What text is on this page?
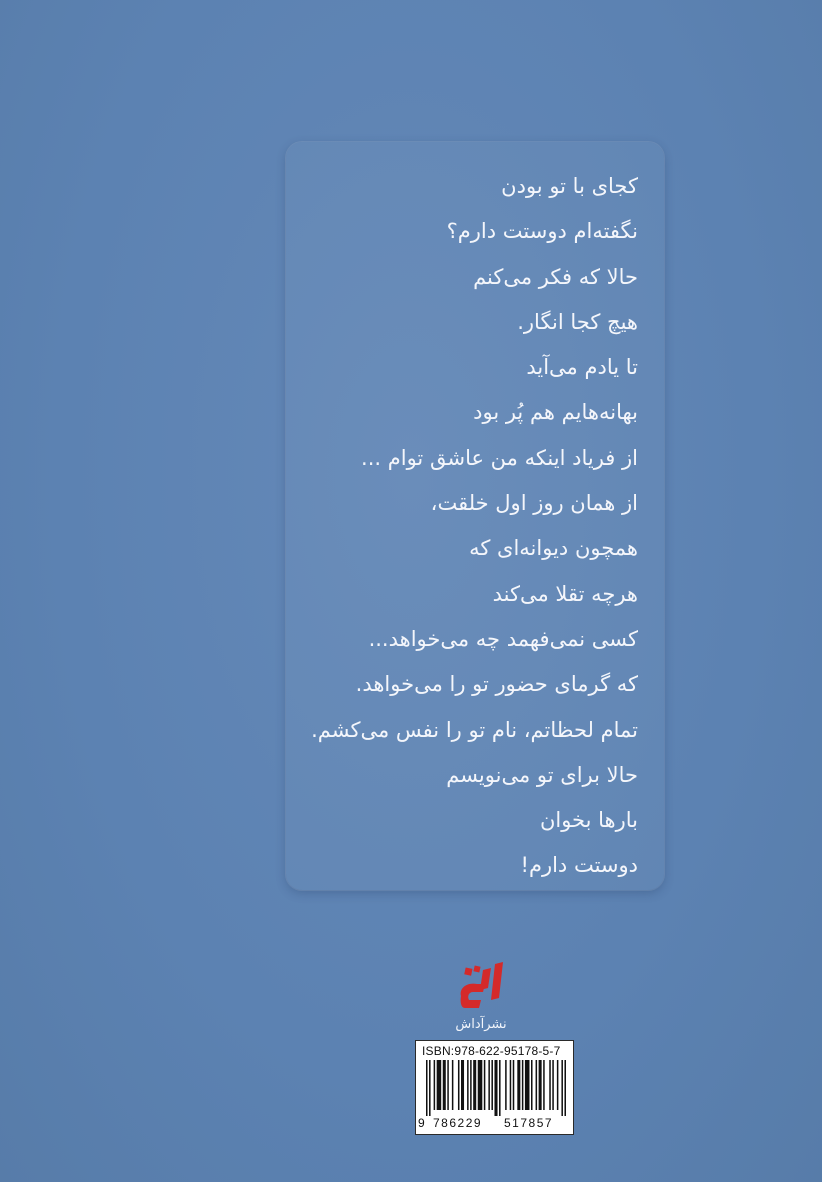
کجای با تو بودن
نگفته‌ام دوستت دارم؟
حالا که فکر می‌کنم
هیچ کجا انگار.
تا یادم می‌آید
بهانه‌هایم هم پُر بود
از فریاد اینکه من عاشق توام ...
از همان روز اول خلقت،
همچون دیوانه‌ای که
هرچه تقلا می‌کند
کسی نمی‌فهمد چه می‌خواهد...
که گرمای حضور تو را می‌خواهد.
تمام لحظاتم، نام تو را نفس می‌کشم.
حالا برای تو می‌نویسم
بارها بخوان
دوستت دارم!
نشرآداش
ISBN:978-622-95178-5-7
9 786229 517857
